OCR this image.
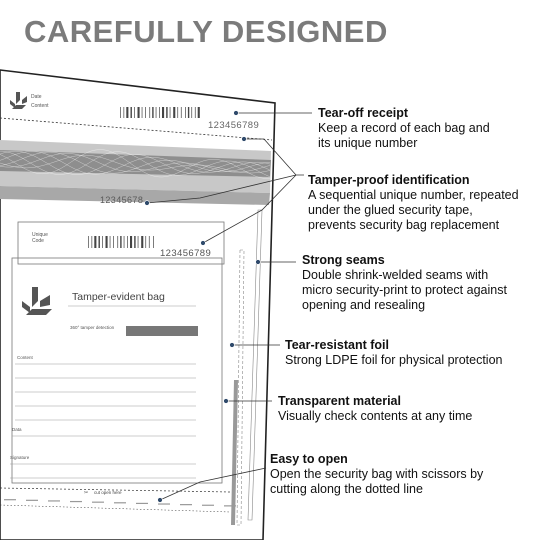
CAREFULLY DESIGNED
Date
Content
123456789
12345678
Unique
Code
123456789
Tamper-evident bag
360° tamper detection
Content
Data
Signature
✂ cut open here
Tear-off receipt
Keep a record of each bag and
its unique number
Tamper-proof identification
A sequential unique number, repeated
under the glued security tape,
prevents security bag replacement
Strong seams
Double shrink-welded seams with
micro security-print to protect against
opening and resealing
Tear-resistant foil
Strong LDPE foil for physical protection
Transparent material
Visually check contents at any time
Easy to open
Open the security bag with scissors by
cutting along the dotted line
